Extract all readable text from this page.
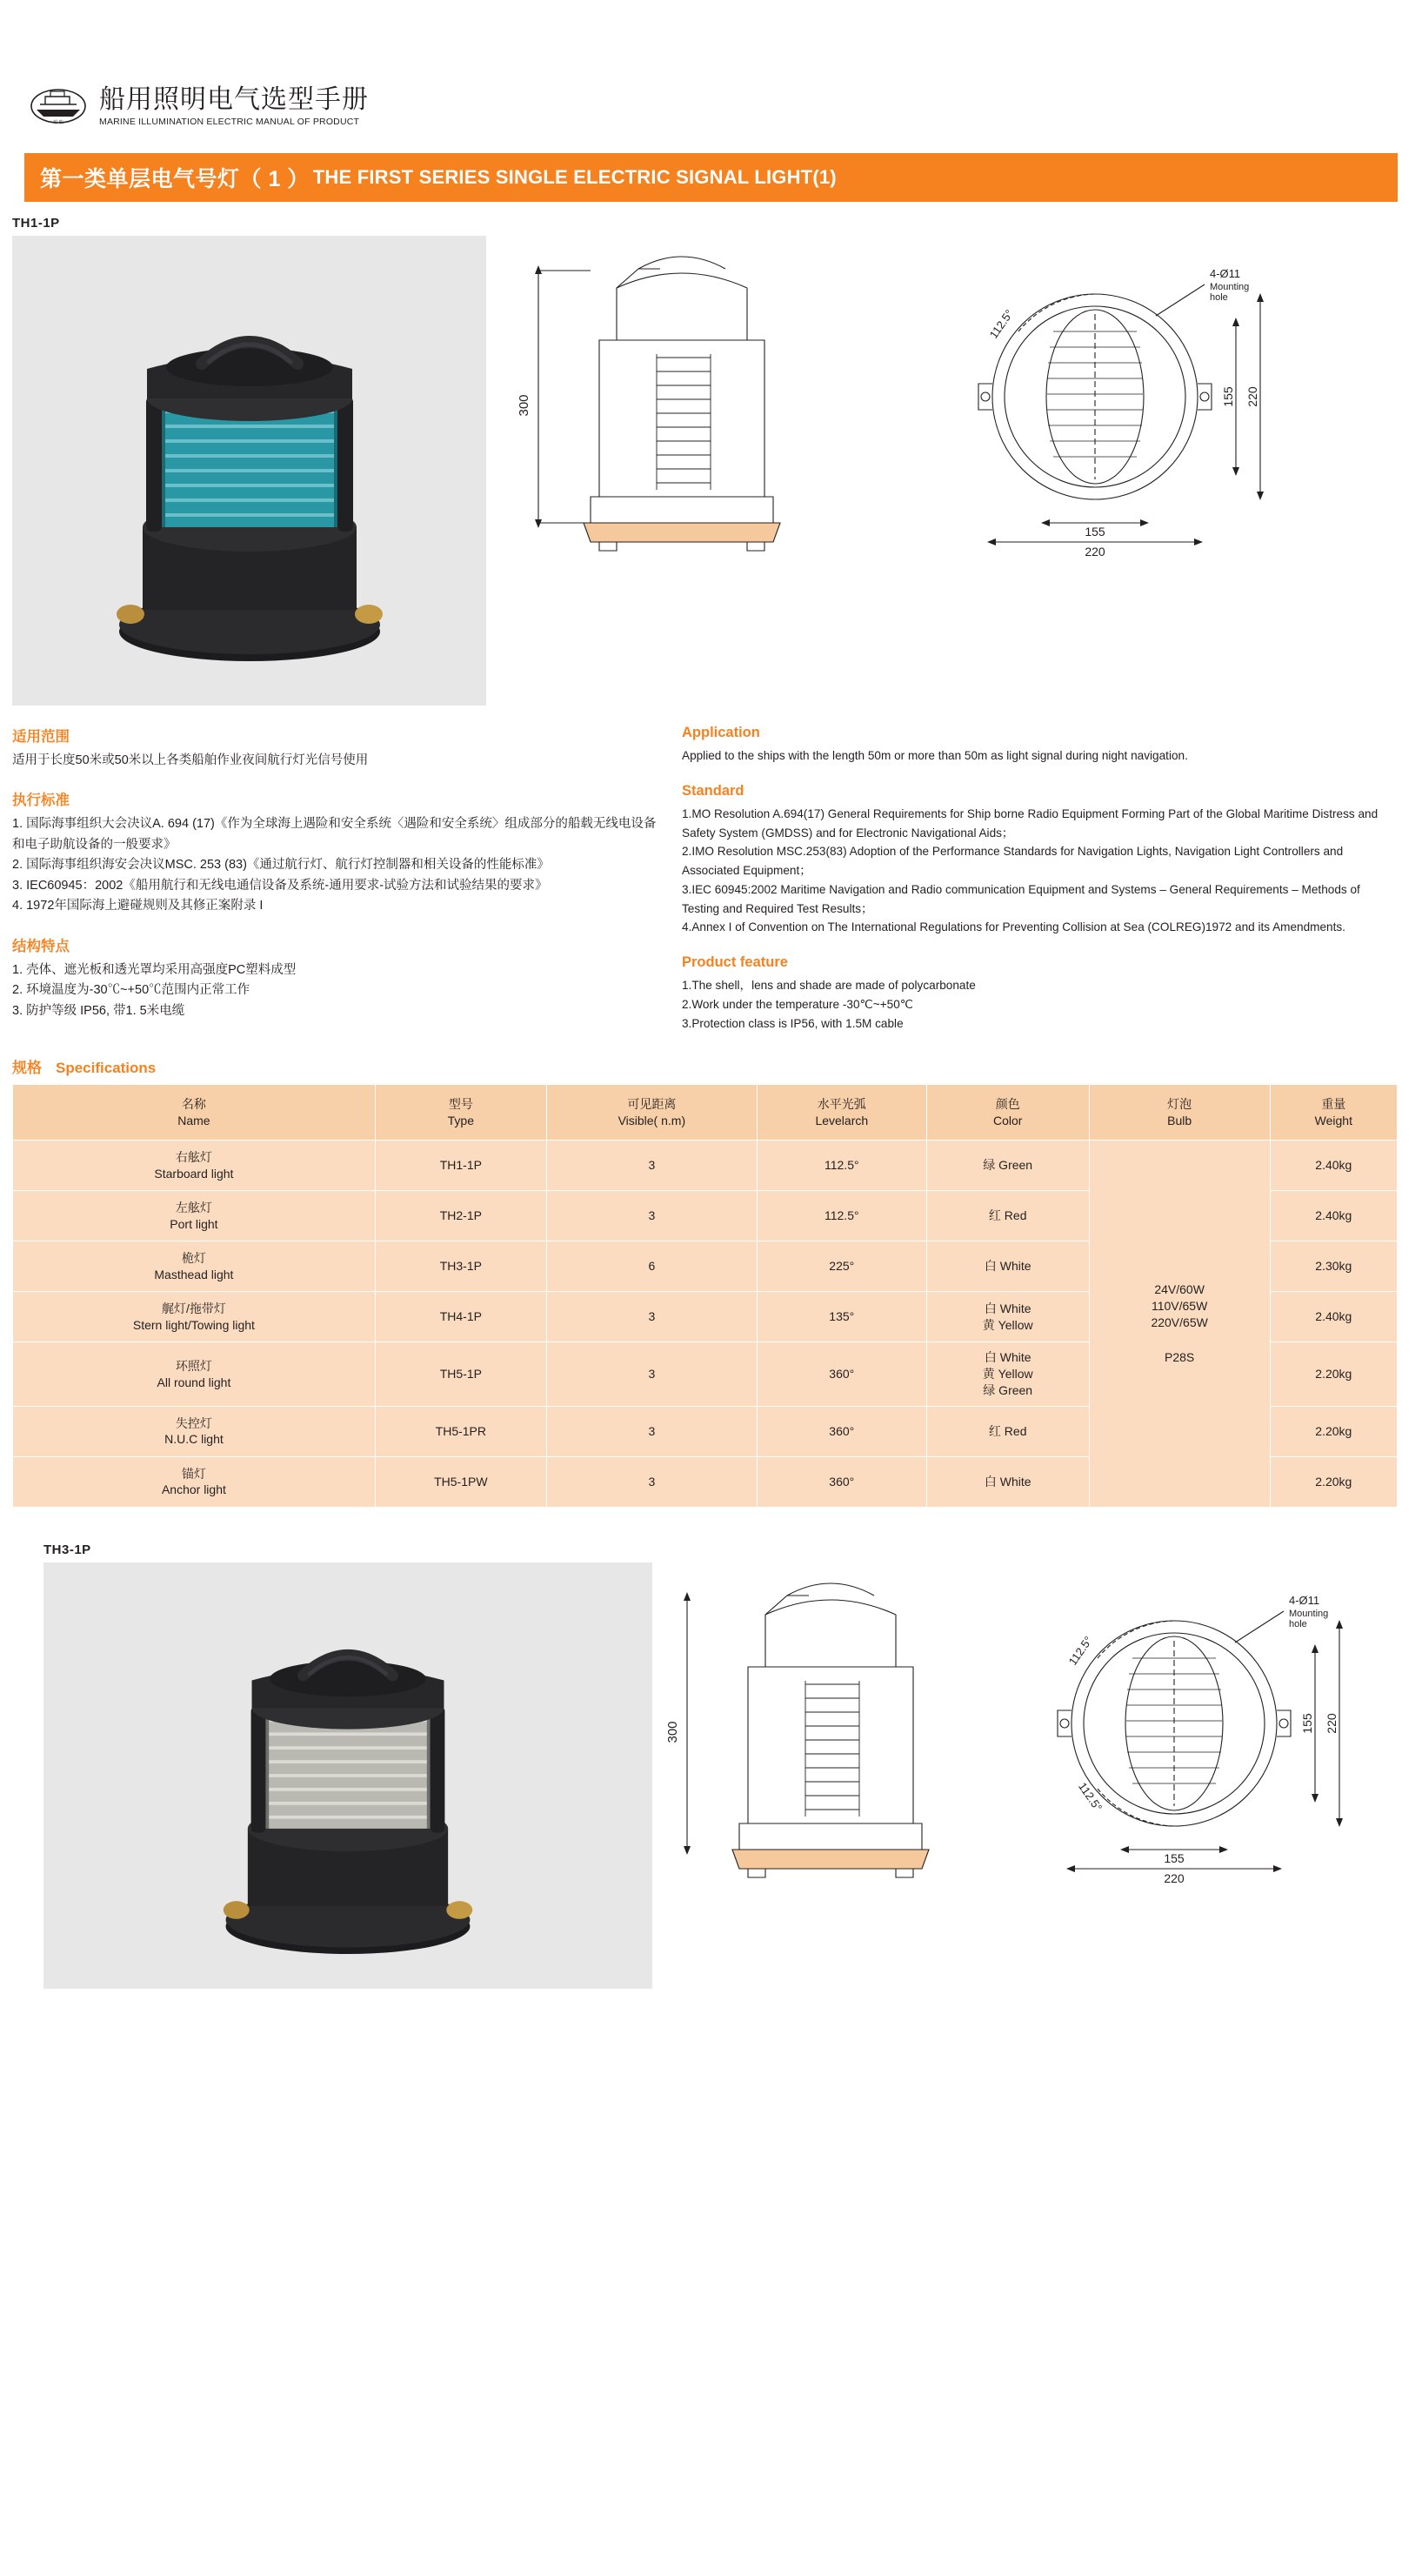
船 舶
船用照明电气选型手册
MARINE ILLUMINATION ELECTRIC MANUAL OF PRODUCT
第一类单层电气号灯（ 1 ） THE FIRST SERIES SINGLE ELECTRIC SIGNAL LIGHT(1)
TH1-1P
300
155
220
155 220
112.5°
4-Ø11
Mounting
hole
适用范围

适用于长度50米或50米以上各类船舶作业夜间航行灯光信号使用

执行标准

1. 国际海事组织大会决议A. 694 (17)《作为全球海上遇险和安全系统〈遇险和安全系统〉组成部分的船载无线电设备和电子助航设备的一般要求》

2. 国际海事组织海安会决议MSC. 253 (83)《通过航行灯、航行灯控制器和相关设备的性能标准》

3. IEC60945：2002《船用航行和无线电通信设备及系统-通用要求-试验方法和试验结果的要求》

4. 1972年国际海上避碰规则及其修正案附录 I

结构特点

1. 壳体、遮光板和透光罩均采用高强度PC塑料成型

2. 环境温度为-30℃~+50℃范围内正常工作

3. 防护等级 IP56, 带1. 5米电缆

Application

Applied to the ships with the length 50m or more than 50m as light signal during night navigation.

Standard

1.MO Resolution A.694(17) General Requirements for Ship borne Radio Equipment Forming Part of the Global Maritime Distress and Safety System (GMDSS) and for Electronic Navigational Aids；

2.IMO Resolution MSC.253(83) Adoption of the Performance Standards for Navigation Lights, Navigation Light Controllers and Associated Equipment；

3.IEC 60945:2002 Maritime Navigation and Radio communication Equipment and Systems – General Requirements – Methods of Testing and Required Test Results；

4.Annex I of Convention on The International Regulations for Preventing Collision at Sea (COLREG)1972 and its Amendments.

Product feature

1.The shell，lens and shade are made of polycarbonate

2.Work under the temperature -30℃~+50℃

3.Protection class is IP56, with 1.5M cable

规格 Specifications
名称
Name	型号
Type	可见距离
Visible( n.m)	水平光弧
Levelarch	颜色
Color	灯泡
Bulb	重量
Weight

右舷灯
Starboard light	TH1-1P	3	112.5°	绿 Green	24V/60W
110V/65W
220V/65W
P28S	2.40kg

左舷灯
Port light	TH2-1P	3	112.5°	红 Red		2.40kg

桅灯
Masthead light	TH3-1P	6	225°	白 White		2.30kg

艉灯/拖带灯
Stern light/Towing light	TH4-1P	3	135°	白 White
黄 Yellow		2.40kg

环照灯
All round light	TH5-1P	3	360°	白 White
黄 Yellow
绿 Green		2.20kg

失控灯
N.U.C light	TH5-1PR	3	360°	红 Red		2.20kg

锚灯
Anchor light	TH5-1PW	3	360°	白 White		2.20kg
TH3-1P
300
155
220
155 220
112.5°
112.5°
4-Ø11
Mounting
hole
